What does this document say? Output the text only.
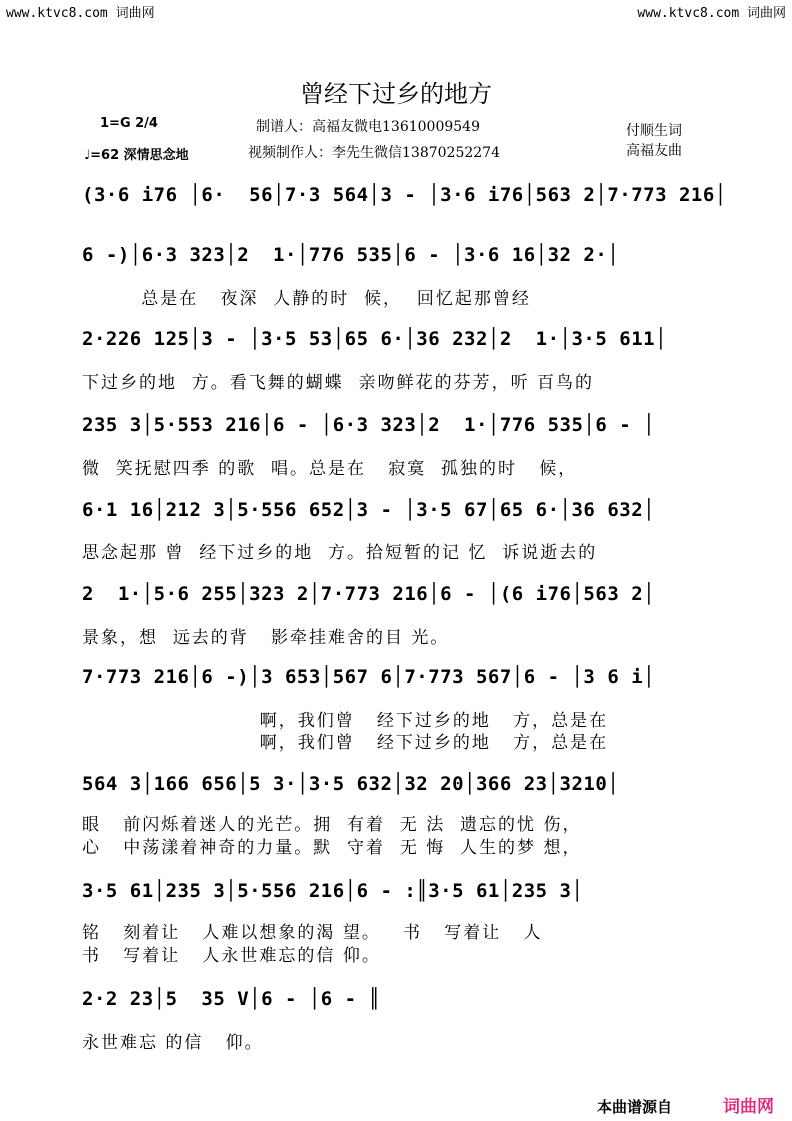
www.ktvc8.com 词曲网	www.ktvc8.com 词曲网
曾经下过乡的地方
1=G 2/4
♩=62 深情思念地
制谱人：高福友微电13610009549
视频制作人：李先生微信13870252274
付顺生词
高福友曲
(3·6 i76 │6·  56│7·3 564│3 - │3·6 i76│563 2│7·773 216│
6 -)│6·3 323│2  1·│776 535│6 - │3·6 16│32 2·│
总是在   夜深  人静的时  候，  回忆起那曾经
2·226 125│3 - │3·5 53│65 6·│36 232│2  1·│3·5 611│
下过乡的地  方。看飞舞的蝴蝶  亲吻鲜花的芬芳，听 百鸟的
235 3│5·553 216│6 - │6·3 323│2  1·│776 535│6 - │
微  笑抚慰四季 的歌  唱。总是在   寂寞  孤独的时   候，
6·1 16│212 3│5·556 652│3 - │3·5 67│65 6·│36 632│
思念起那 曾  经下过乡的地  方。拾短暂的记 忆  诉说逝去的
2  1·│5·6 255│323 2│7·773 216│6 - │(6 i76│563 2│
景象，想  远去的背   影牵挂难舍的目 光。
7·773 216│6 -)│3 653│567 6│7·773 567│6 - │3 6 i│
啊，我们曾   经下过乡的地   方，总是在
啊，我们曾   经下过乡的地   方，总是在
564 3│166 656│5 3·│3·5 632│32 20│366 23│3210│
眼   前闪烁着迷人的光芒。拥  有着  无 法  遗忘的忧 伤，
心   中荡漾着神奇的力量。默  守着  无 悔  人生的梦 想，
3·5 61│235 3│5·556 216│6 - :║3·5 61│235 3│
铭   刻着让   人难以想象的渴 望。   书   写着让   人
书   写着让   人永世难忘的信 仰。
2·2 23│5  35 V│6 - │6 - ║
永世难忘 的信   仰。
本曲谱源自	词曲网
